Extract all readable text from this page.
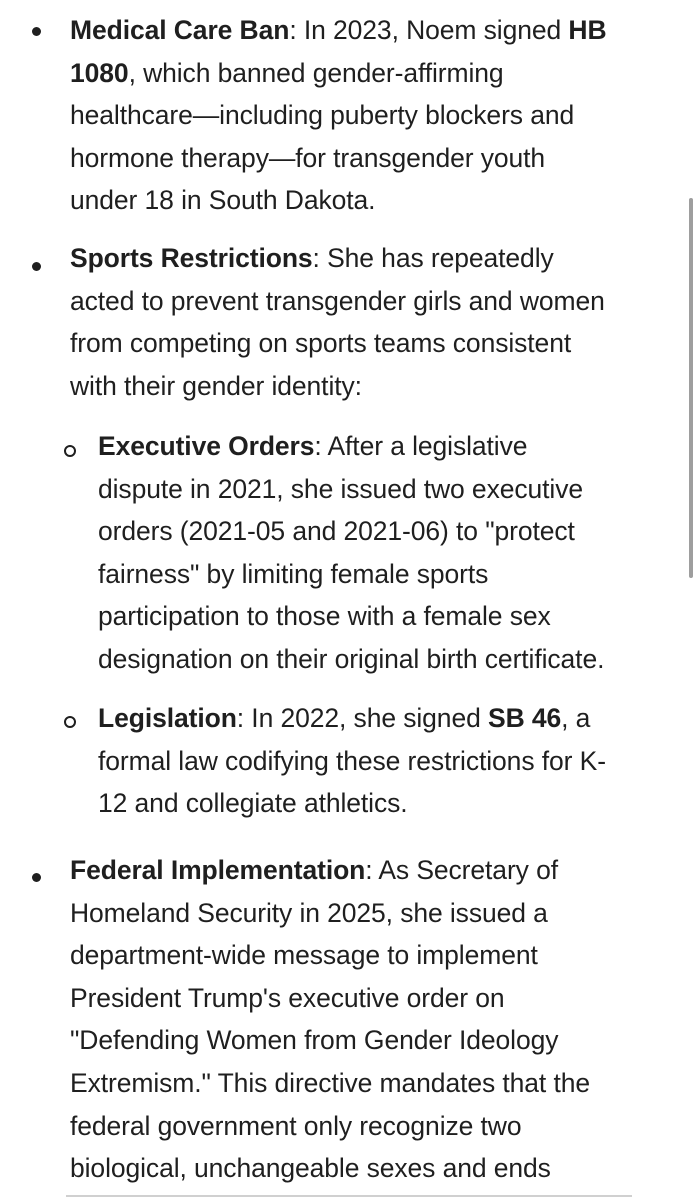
Medical Care Ban: In 2023, Noem signed HB
1080, which banned gender-affirming
healthcare—including puberty blockers and
hormone therapy—for transgender youth
under 18 in South Dakota.
Sports Restrictions: She has repeatedly
acted to prevent transgender girls and women
from competing on sports teams consistent
with their gender identity:
Executive Orders: After a legislative
dispute in 2021, she issued two executive
orders (2021-05 and 2021-06) to "protect
fairness" by limiting female sports
participation to those with a female sex
designation on their original birth certificate.
Legislation: In 2022, she signed SB 46, a
formal law codifying these restrictions for K-
12 and collegiate athletics.
Federal Implementation: As Secretary of
Homeland Security in 2025, she issued a
department-wide message to implement
President Trump's executive order on
"Defending Women from Gender Ideology
Extremism." This directive mandates that the
federal government only recognize two
biological, unchangeable sexes and ends
